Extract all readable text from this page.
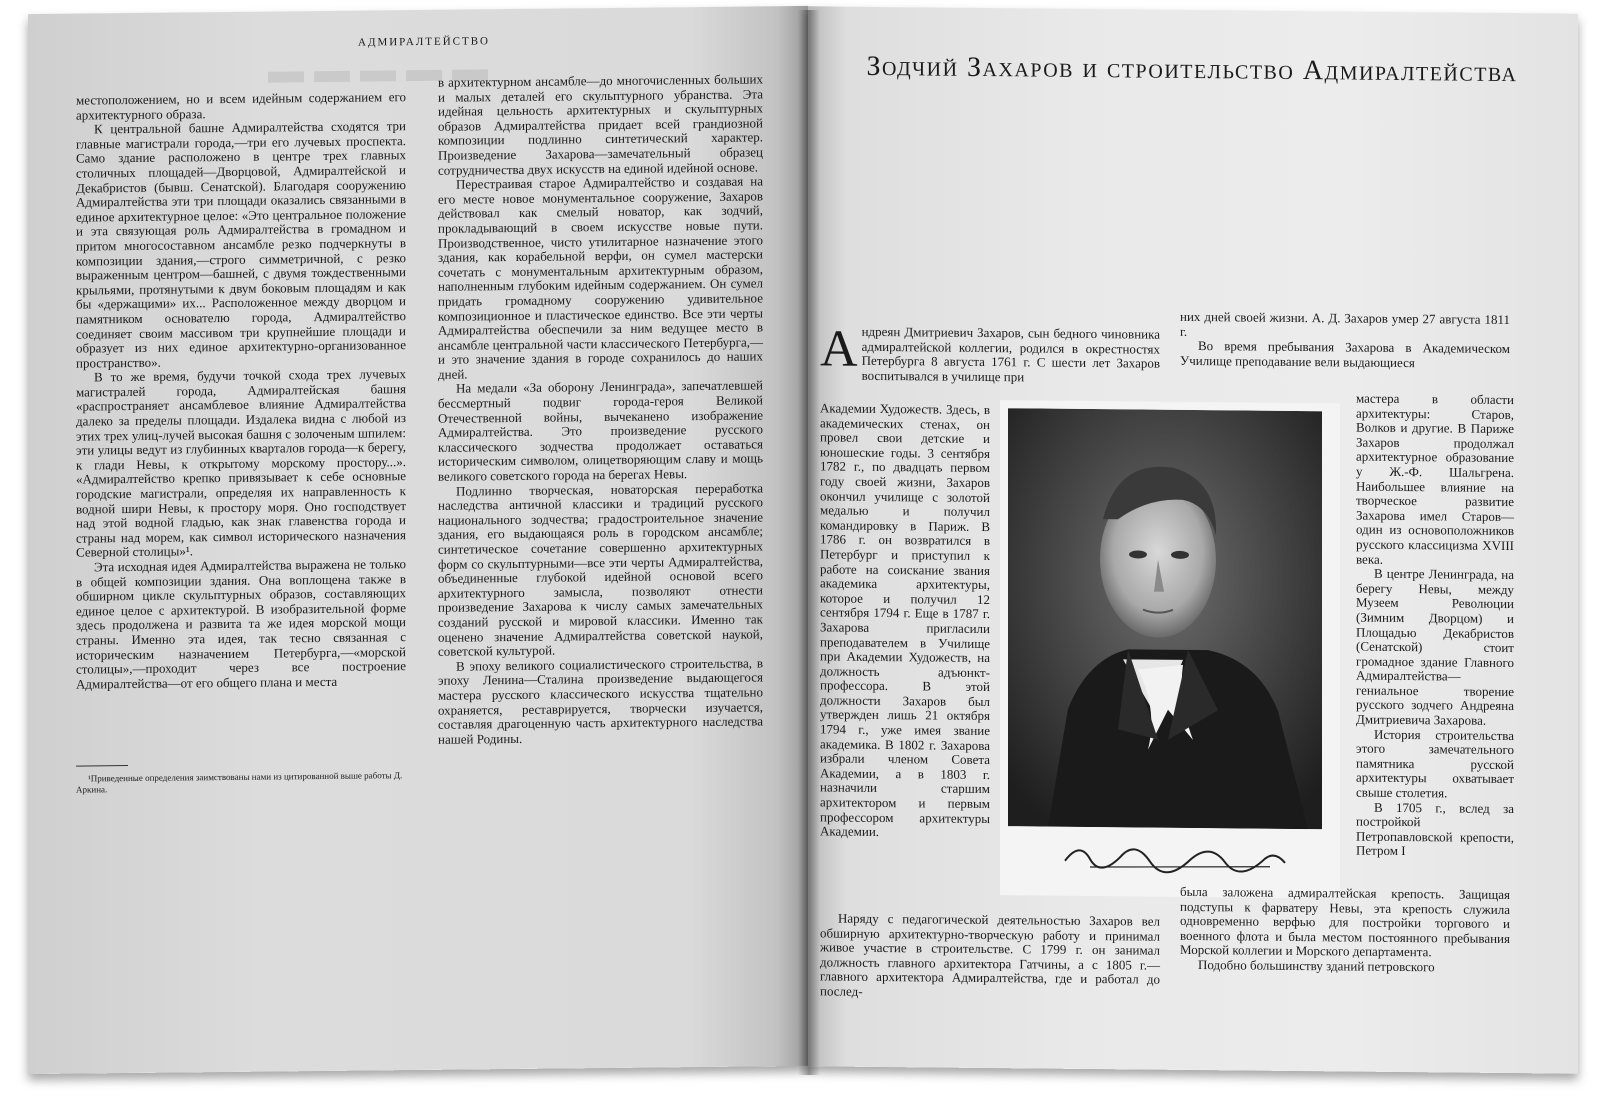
АДМИРАЛТЕЙСТВО
▬▬▬▬▬

местоположением, но и всем идейным содержанием его архитектурного образа.

К центральной башне Адмиралтейства сходятся три главные магистрали города,—три его лучевых проспекта. Само здание расположено в центре трех главных столичных площадей—Дворцовой, Адмиралтейской и Декабристов (бывш. Сенатской). Благодаря сооружению Адмиралтейства эти три площади оказались связанными в единое архитектурное целое: «Это центральное положение и эта связующая роль Адмиралтейства в громадном и притом многосоставном ансамбле резко подчеркнуты в композиции здания,—строго симметричной, с резко выраженным центром—башней, с двумя тождественными крыльями, протянутыми к двум боковым площадям и как бы «держащими» их... Расположенное между дворцом и памятником основателю города, Адмиралтейство соединяет своим массивом три крупнейшие площади и образует из них единое архитектурно-организованное пространство».

В то же время, будучи точкой схода трех лучевых магистралей города, Адмиралтейская башня «распространяет ансамблевое влияние Адмиралтейства далеко за пределы площади. Издалека видна с любой из этих трех улиц-лучей высокая башня с золоченым шпилем: эти улицы ведут из глубинных кварталов города—к берегу, к глади Невы, к открытому морскому простору...». «Адмиралтейство крепко привязывает к себе основные городские магистрали, определяя их направленность к водной шири Невы, к простору моря. Оно господствует над этой водной гладью, как знак главенства города и страны над морем, как символ исторического назначения Северной столицы»¹.

Эта исходная идея Адмиралтейства выражена не только в общей композиции здания. Она воплощена также в обширном цикле скульптурных образов, составляющих единое целое с архитектурой. В изобразительной форме здесь продолжена и развита та же идея морской мощи страны. Именно эта идея, так тесно связанная с историческим назначением Петербурга,—«морской столицы»,—проходит через все построение Адмиралтейства—от его общего плана и места

¹Приведенные определения заимствованы нами из цитированной выше работы Д. Аркина.

в архитектурном ансамбле—до многочисленных больших и малых деталей его скульптурного убранства. Эта идейная цельность архитектурных и скульптурных образов Адмиралтейства придает всей грандиозной композиции подлинно синтетический характер. Произведение Захарова—замечательный образец сотрудничества двух искусств на единой идейной основе.

Перестраивая старое Адмиралтейство и создавая на его месте новое монументальное сооружение, Захаров действовал как смелый новатор, как зодчий, прокладывающий в своем искусстве новые пути. Производственное, чисто утилитарное назначение этого здания, как корабельной верфи, он сумел мастерски сочетать с монументальным архитектурным образом, наполненным глубоким идейным содержанием. Он сумел придать громадному сооружению удивительное композиционное и пластическое единство. Все эти черты Адмиралтейства обеспечили за ним ведущее место в ансамбле центральной части классического Петербурга,—и это значение здания в городе сохранилось до наших дней.

На медали «За оборону Ленинграда», запечатлевшей бессмертный подвиг города-героя Великой Отечественной войны, вычеканено изображение Адмиралтейства. Это произведение русского классического зодчества продолжает оставаться историческим символом, олицетворяющим славу и мощь великого советского города на берегах Невы.

Подлинно творческая, новаторская переработка наследства античной классики и традиций русского национального зодчества; градостроительное значение здания, его выдающаяся роль в городском ансамбле; синтетическое сочетание совершенно архитектурных форм со скульптурными—все эти черты Адмиралтейства, объединенные глубокой идейной основой всего архитектурного замысла, позволяют отнести произведение Захарова к числу самых замечательных созданий русской и мировой классики. Именно так оценено значение Адмиралтейства советской наукой, советской культурой.

В эпоху великого социалистического строительства, в эпоху Ленина—Сталина произведение выдающегося мастера русского классического искусства тщательно охраняется, реставрируется, творчески изучается, составляя драгоценную часть архитектурного наследства нашей Родины.

Зодчий Захаров и строительство Адмиралтейства
Андреян Дмитриевич Захаров, сын бедного чиновника адмиралтейской коллегии, родился в окрестностях Петербурга 8 августа 1761 г. С шести лет Захаров воспитывался в училище при

Академии Художеств. Здесь, в академических стенах, он провел свои детские и юношеские годы. 3 сентября 1782 г., по двадцать первом году своей жизни, Захаров окончил училище с золотой медалью и получил командировку в Париж. В 1786 г. он возвратился в Петербург и приступил к работе на соискание звания академика архитектуры, которое и получил 12 сентября 1794 г. Еще в 1787 г. Захарова пригласили преподавателем в Училище при Академии Художеств, на должность адъюнкт-профессора. В этой должности Захаров был утвержден лишь 21 октября 1794 г., уже имея звание академика. В 1802 г. Захарова избрали членом Совета Академии, а в 1803 г. назначили старшим архитектором и первым профессором архитектуры Академии.

Наряду с педагогической деятельностью Захаров вел обширную архитектурно-творческую работу и принимал живое участие в строительстве. С 1799 г. он занимал должность главного архитектора Гатчины, а с 1805 г.—главного архитектора Адмиралтейства, где и работал до послед-

них дней своей жизни. А. Д. Захаров умер 27 августа 1811 г.

Во время пребывания Захарова в Академическом Училище преподавание вели выдающиеся

мастера в области архитектуры: Старов, Волков и другие. В Париже Захаров продолжал архитектурное образование у Ж.-Ф. Шальгрена. Наибольшее влияние на творческое развитие Захарова имел Старов—один из основоположников русского классицизма XVIII века.

В центре Ленинграда, на берегу Невы, между Музеем Революции (Зимним Дворцом) и Площадью Декабристов (Сенатской) стоит громадное здание Главного Адмиралтейства—гениальное творение русского зодчего Андреяна Дмитриевича Захарова.

История строительства этого замечательного памятника русской архитектуры охватывает свыше столетия.

В 1705 г., вслед за постройкой Петропавловской крепости, Петром I

была заложена адмиралтейская крепость. Защищая подступы к фарватеру Невы, эта крепость служила одновременно верфью для постройки торгового и военного флота и была местом постоянного пребывания Морской коллегии и Морского департамента.

Подобно большинству зданий петровского
